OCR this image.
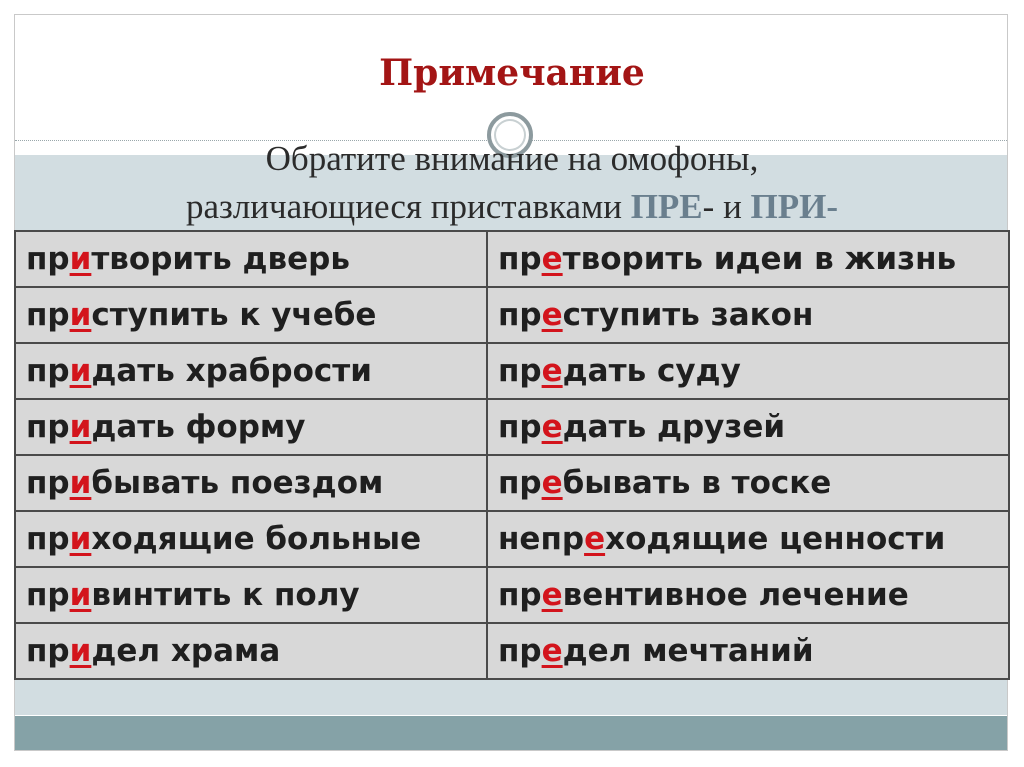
Примечание
Обратите внимание на омофоны,
различающиеся приставками ПРЕ- и ПРИ-
притворить дверь	претворить идеи в жизнь
приступить к учебе	преступить закон
придать храбрости	предать суду
придать форму	предать друзей
прибывать поездом	пребывать в тоске
приходящие больные	непреходящие ценности
привинтить к полу	превентивное лечение
придел храма	предел мечтаний
